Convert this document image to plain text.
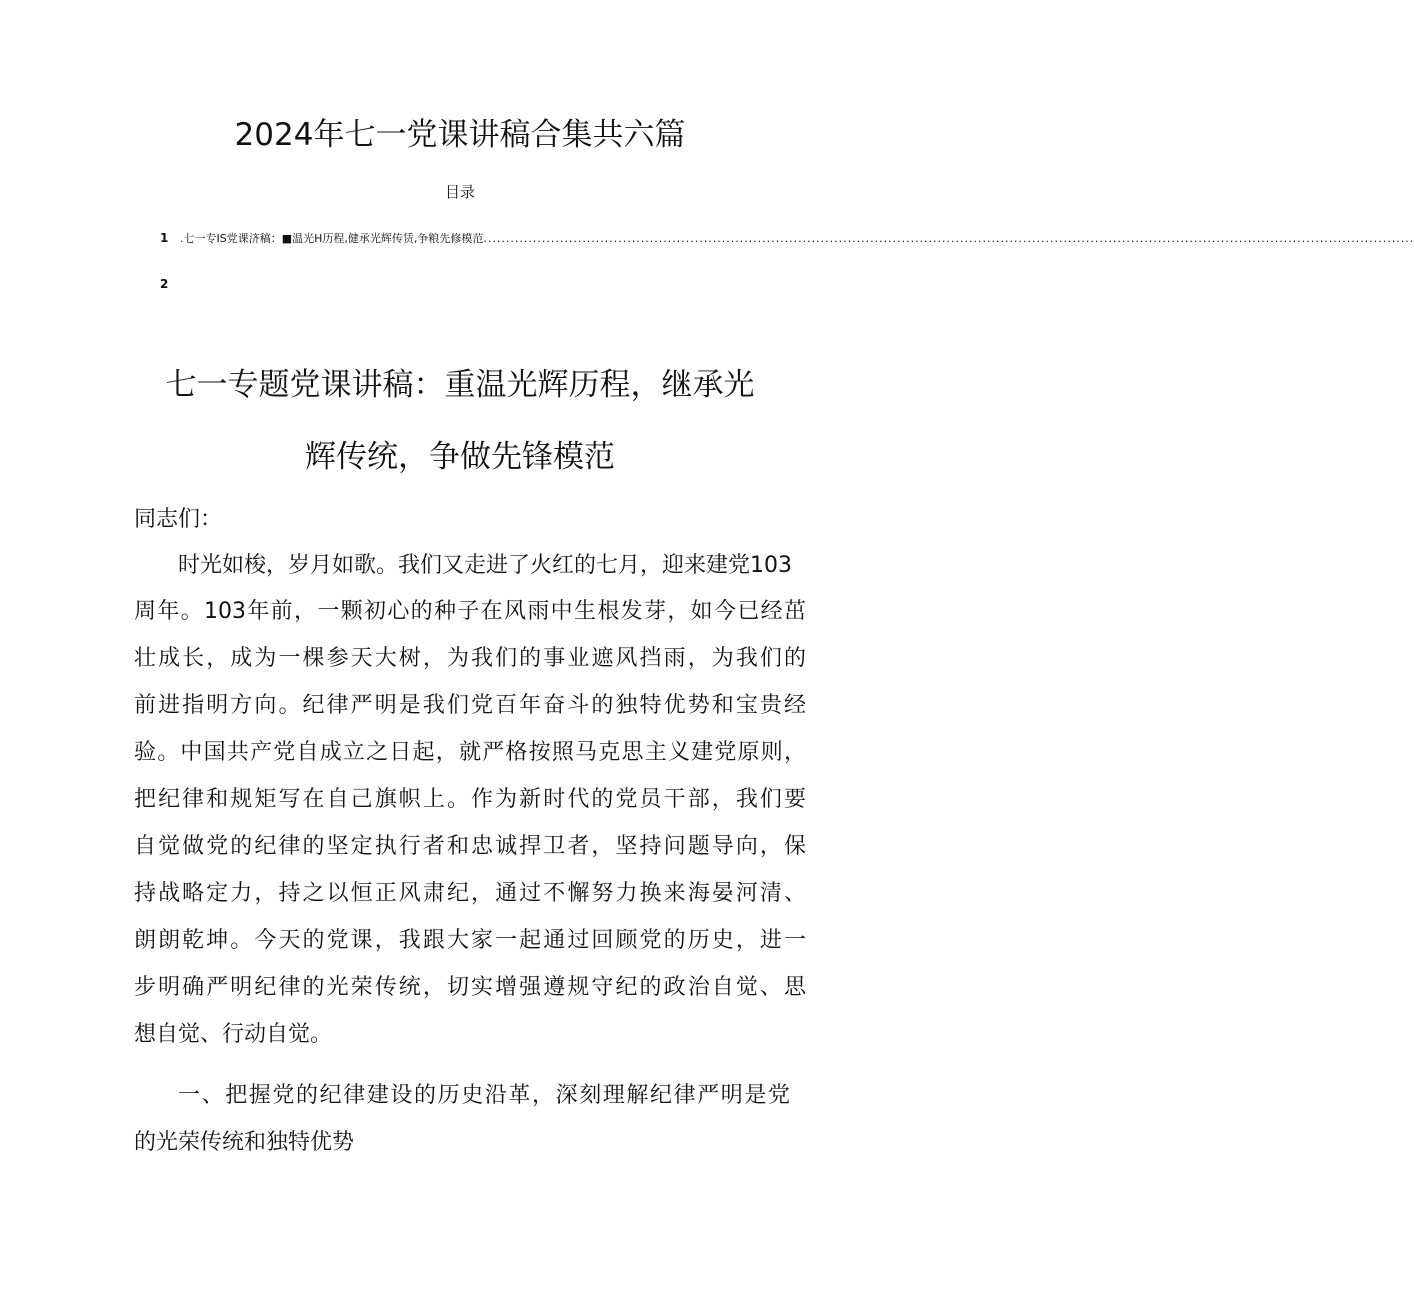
2024年七一党课讲稿合集共六篇
目录
1	.七一专IS党课济稿：■温光H历程,健承光辉传赁,争粮先修模范 ...............................................................................................................................................................................................................
2
七一专题党课讲稿：重温光辉历程，继承光
辉传统，争做先锋模范
同志们：
时光如梭，岁月如歌。我们又走进了火红的七月，迎来建党103
周年。103年前，一颗初心的种子在风雨中生根发芽，如今已经茁
壮成长，成为一棵参天大树，为我们的事业遮风挡雨，为我们的
前进指明方向。纪律严明是我们党百年奋斗的独特优势和宝贵经
验。中国共产党自成立之日起，就严格按照马克思主义建党原则，
把纪律和规矩写在自己旗帜上。作为新时代的党员干部，我们要
自觉做党的纪律的坚定执行者和忠诚捍卫者，坚持问题导向，保
持战略定力，持之以恒正风肃纪，通过不懈努力换来海晏河清、
朗朗乾坤。今天的党课，我跟大家一起通过回顾党的历史，进一
步明确严明纪律的光荣传统，切实增强遵规守纪的政治自觉、思
想自觉、行动自觉。
一、把握党的纪律建设的历史沿革，深刻理解纪律严明是党
的光荣传统和独特优势
